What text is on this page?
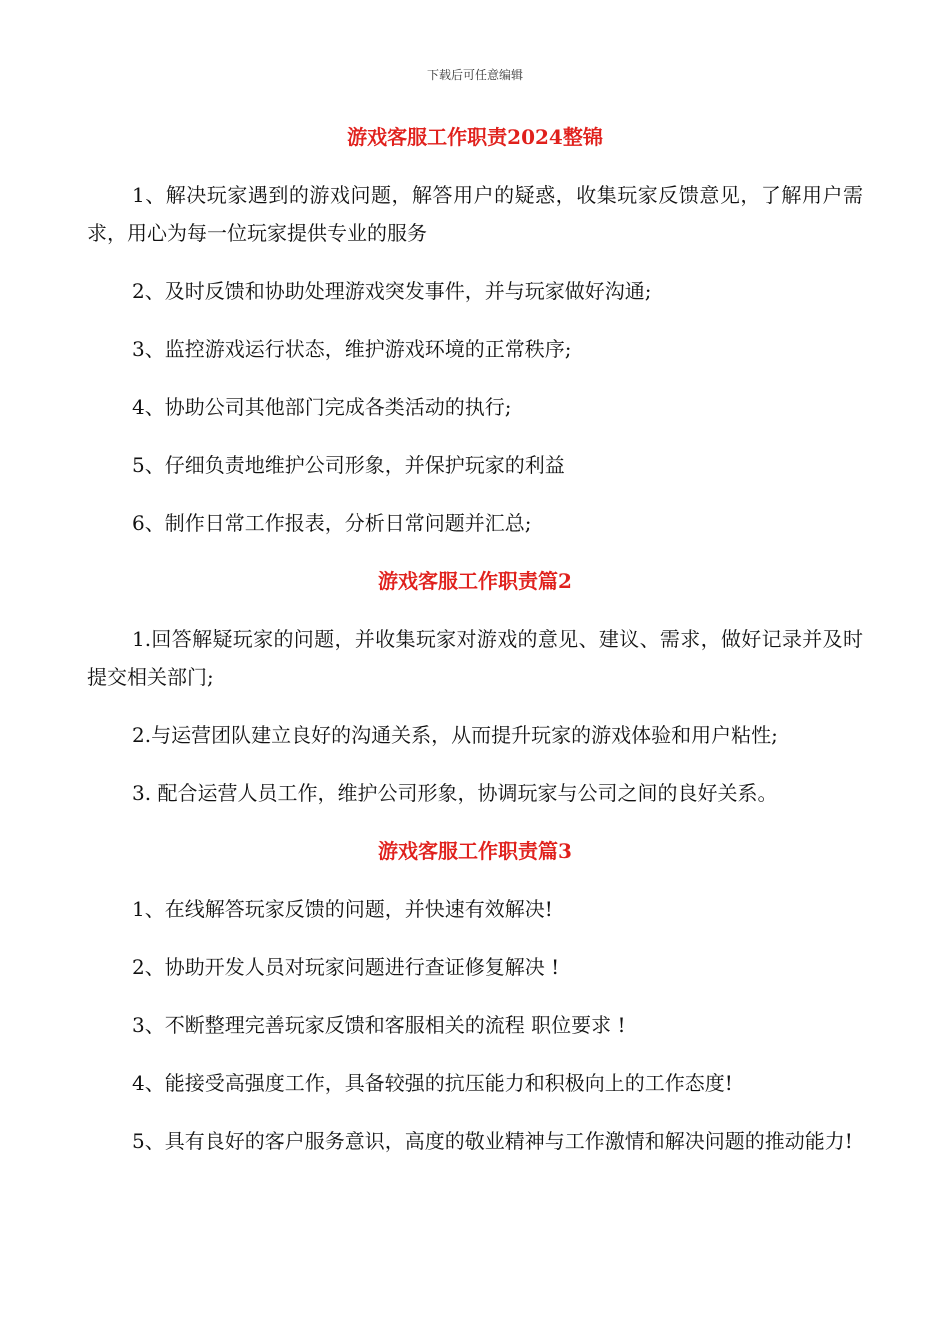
下载后可任意编辑
游戏客服工作职责2024整锦

1、解决玩家遇到的游戏问题，解答用户的疑惑，收集玩家反馈意见，了解用户需求，用心为每一位玩家提供专业的服务

2、及时反馈和协助处理游戏突发事件，并与玩家做好沟通;

3、监控游戏运行状态，维护游戏环境的正常秩序;

4、协助公司其他部门完成各类活动的执行;

5、仔细负责地维护公司形象，并保护玩家的利益

6、制作日常工作报表，分析日常问题并汇总;

游戏客服工作职责篇2

1.回答解疑玩家的问题，并收集玩家对游戏的意见、建议、需求，做好记录并及时提交相关部门;

2.与运营团队建立良好的沟通关系，从而提升玩家的游戏体验和用户粘性;

3. 配合运营人员工作，维护公司形象，协调玩家与公司之间的良好关系。

游戏客服工作职责篇3

1、在线解答玩家反馈的问题，并快速有效解决!

2、协助开发人员对玩家问题进行查证修复解决 !

3、不断整理完善玩家反馈和客服相关的流程 职位要求 !

4、能接受高强度工作，具备较强的抗压能力和积极向上的工作态度!

5、具有良好的客户服务意识，高度的敬业精神与工作激情和解决问题的推动能力!
